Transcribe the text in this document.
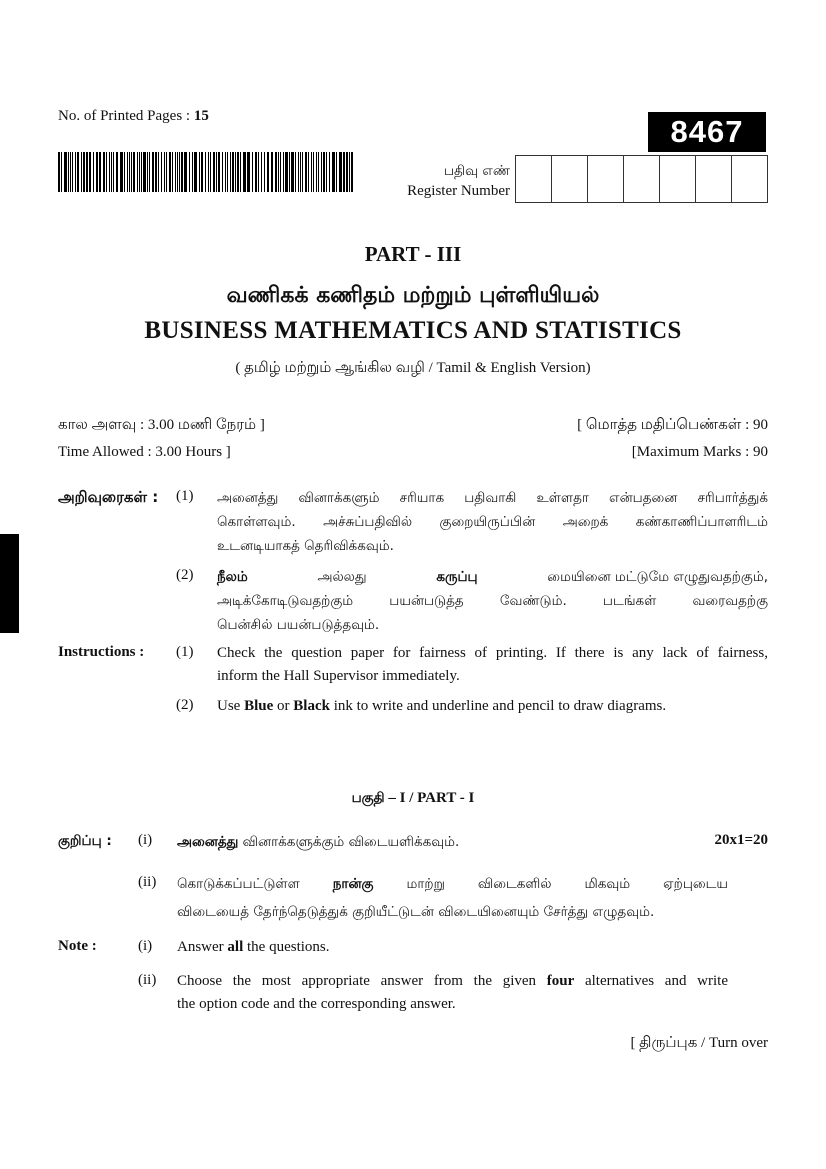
No. of Printed Pages : 15	8467
பதிவு எண்
Register Number
PART - III
வணிகக் கணிதம் மற்றும் புள்ளியியல்
BUSINESS MATHEMATICS AND STATISTICS
( தமிழ் மற்றும் ஆங்கில வழி / Tamil & English Version)
கால அளவு : 3.00 மணி நேரம் ]	[ மொத்த மதிப்பெண்கள் : 90
Time Allowed : 3.00 Hours ]	[Maximum Marks : 90
அறிவுரைகள் : (1) அனைத்து வினாக்களும் சரியாக பதிவாகி உள்ளதா என்பதனை சரிபார்த்துக்
கொள்ளவும். அச்சுப்பதிவில் குறையிருப்பின் அறைக் கண்காணிப்பாளரிடம்
உடனடியாகத் தெரிவிக்கவும்.
(2) நீலம்	அல்லது	கருப்பு	மையினை மட்டுமே எழுதுவதற்கும்,
அடிக்கோடிடுவதற்கும் பயன்படுத்த வேண்டும். படங்கள் வரைவதற்கு
பென்சில் பயன்படுத்தவும்.
Instructions : (1) Check the question paper for fairness of printing. If there is any lack of fairness,
inform the Hall Supervisor immediately.
(2) Use Blue or Black ink to write and underline and pencil to draw diagrams.
பகுதி – I / PART - I
குறிப்பு : (i) அனைத்து வினாக்களுக்கும் விடையளிக்கவும்.	20x1=20
(ii) கொடுக்கப்பட்டுள்ள நான்கு மாற்று விடைகளில் மிகவும் ஏற்புடைய
விடையைத் தேர்ந்தெடுத்துக் குறியீட்டுடன் விடையினையும் சேர்த்து எழுதவும்.
Note :	(i) Answer all the questions.
(ii) Choose the most appropriate answer from the given four alternatives and write
the option code and the corresponding answer.
[ திருப்புக / Turn over
